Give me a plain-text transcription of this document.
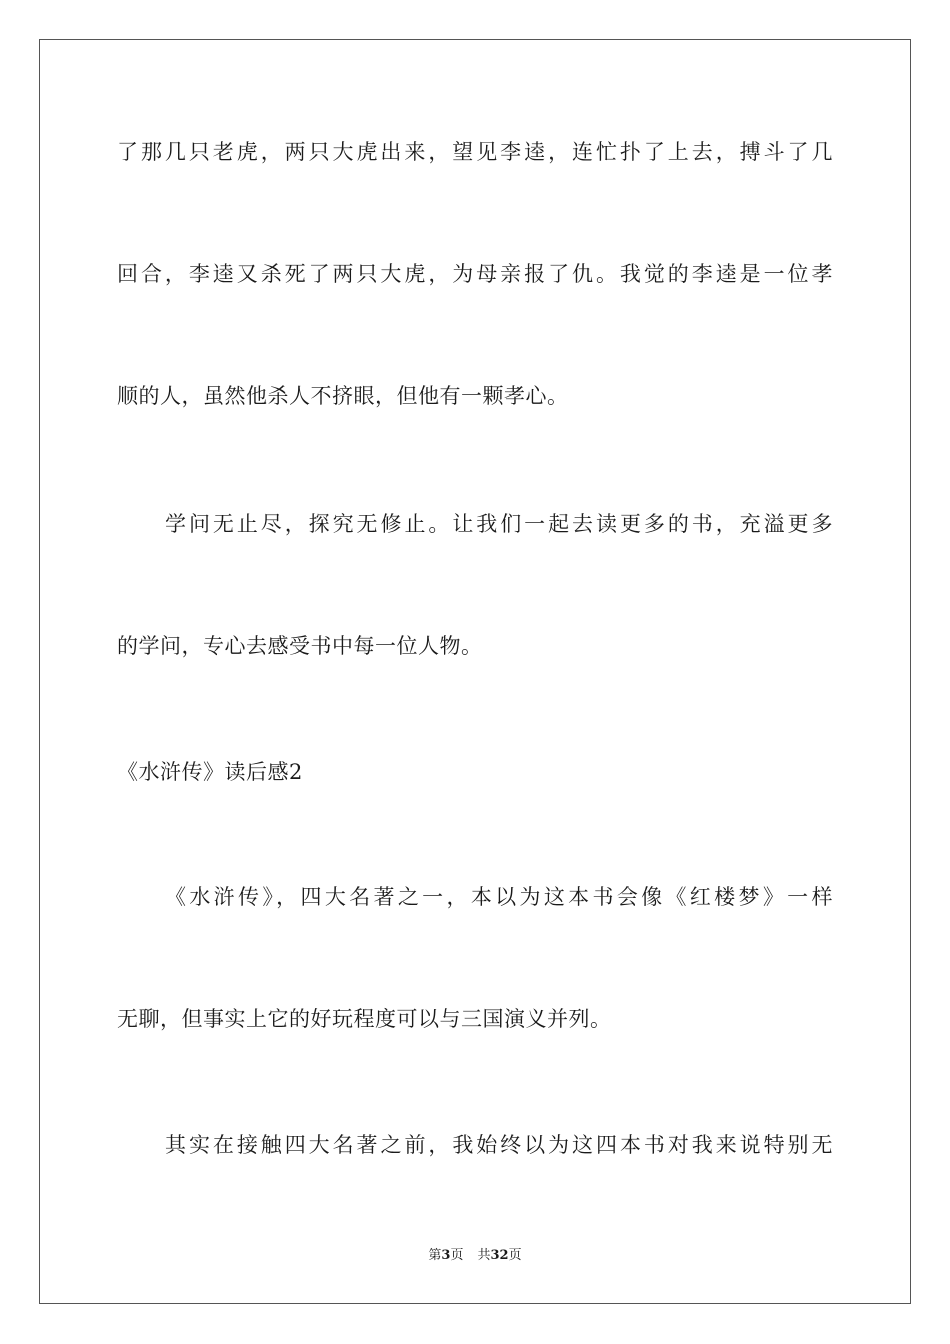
了那几只老虎，两只大虎出来，望见李逵，连忙扑了上去，搏斗了几
回合，李逵又杀死了两只大虎，为母亲报了仇。我觉的李逵是一位孝
顺的人，虽然他杀人不挤眼，但他有一颗孝心。
学问无止尽，探究无修止。让我们一起去读更多的书，充溢更多
的学问，专心去感受书中每一位人物。
《水浒传》读后感2
《水浒传》，四大名著之一，本以为这本书会像《红楼梦》一样
无聊，但事实上它的好玩程度可以与三国演义并列。
其实在接触四大名著之前，我始终以为这四本书对我来说特别无
第3页 共32页
